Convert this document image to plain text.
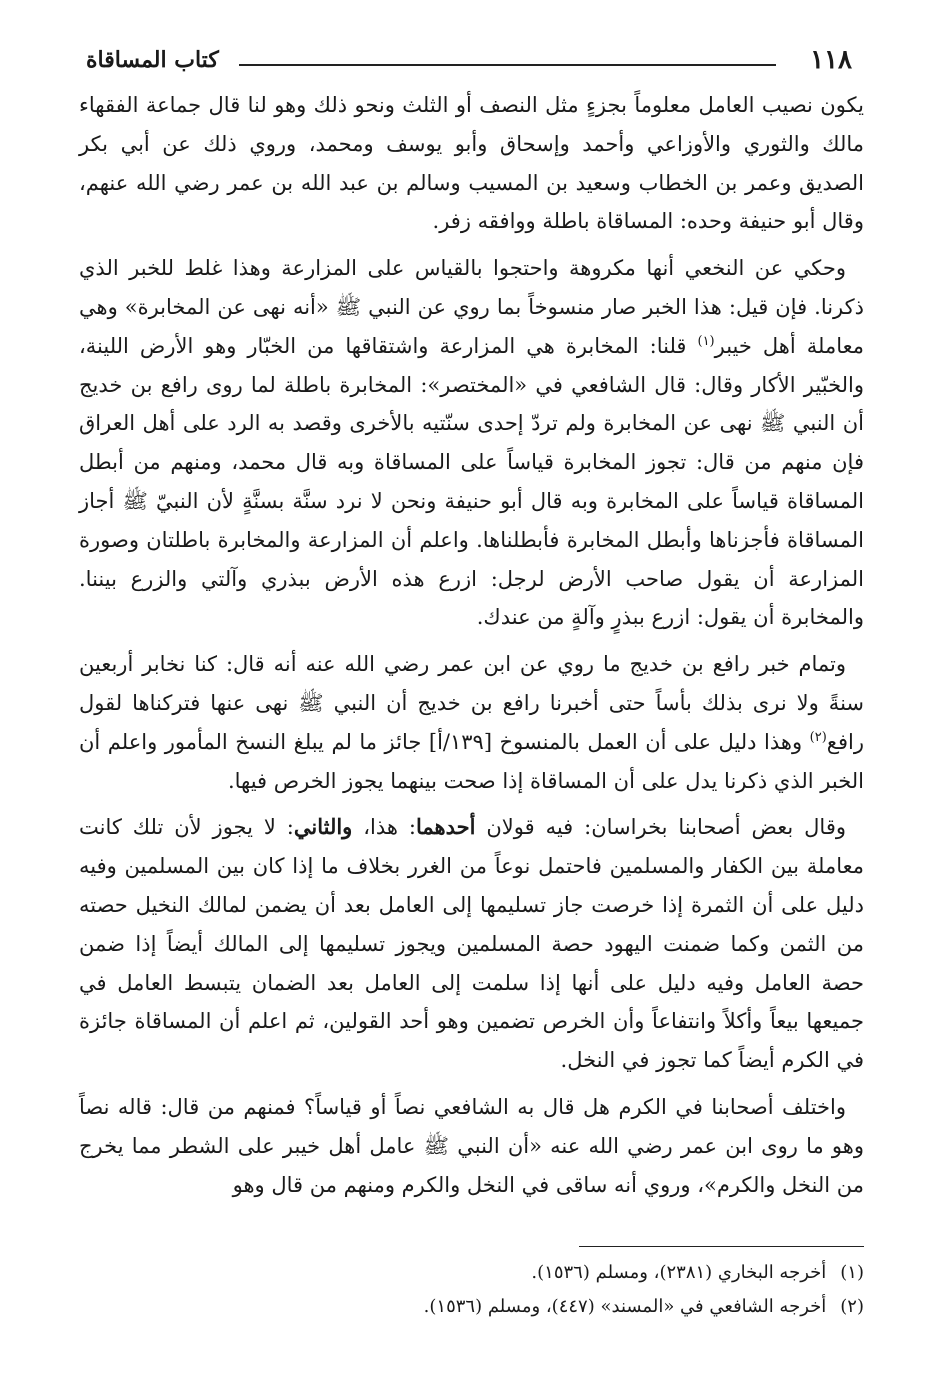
١١٨
كتاب المساقاة

يكون نصيب العامل معلوماً بجزءٍ مثل النصف أو الثلث ونحو ذلك وهو لنا قال جماعة الفقهاء مالك والثوري والأوزاعي وأحمد وإسحاق وأبو يوسف ومحمد، وروي ذلك عن أبي بكر الصديق وعمر بن الخطاب وسعيد بن المسيب وسالم بن عبد الله بن عمر رضي الله عنهم، وقال أبو حنيفة وحده: المساقاة باطلة ووافقه زفر.

وحكي عن النخعي أنها مكروهة واحتجوا بالقياس على المزارعة وهذا غلط للخبر الذي ذكرنا. فإن قيل: هذا الخبر صار منسوخاً بما روي عن النبي ﷺ «أنه نهى عن المخابرة» وهي معاملة أهل خيبر$^{(١)}$ قلنا: المخابرة هي المزارعة واشتقاقها من الخبّار وهو الأرض اللينة، والخبّير الأكار وقال: قال الشافعي في «المختصر»: المخابرة باطلة لما روى رافع بن خديج أن النبي ﷺ نهى عن المخابرة ولم تردّ إحدى سنّتيه بالأخرى وقصد به الرد على أهل العراق فإن منهم من قال: تجوز المخابرة قياساً على المساقاة وبه قال محمد، ومنهم من أبطل المساقاة قياساً على المخابرة وبه قال أبو حنيفة ونحن لا نرد سنَّة بسنَّةٍ لأن النبيّ ﷺ أجاز المساقاة فأجزناها وأبطل المخابرة فأبطلناها. واعلم أن المزارعة والمخابرة باطلتان وصورة المزارعة أن يقول صاحب الأرض لرجل: ازرع هذه الأرض ببذري وآلتي والزرع بيننا. والمخابرة أن يقول: ازرع ببذرٍ وآلةٍ من عندك.

وتمام خبر رافع بن خديج ما روي عن ابن عمر رضي الله عنه أنه قال: كنا نخابر أربعين سنةً ولا نرى بذلك بأساً حتى أخبرنا رافع بن خديج أن النبي ﷺ نهى عنها فتركناها لقول رافع$^{(٢)}$ وهذا دليل على أن العمل بالمنسوخ [١٣٩/أ] جائز ما لم يبلغ النسخ المأمور واعلم أن الخبر الذي ذكرنا يدل على أن المساقاة إذا صحت بينهما يجوز الخرص فيها.

وقال بعض أصحابنا بخراسان: فيه قولان أحدهما: هذا، والثاني: لا يجوز لأن تلك كانت معاملة بين الكفار والمسلمين فاحتمل نوعاً من الغرر بخلاف ما إذا كان بين المسلمين وفيه دليل على أن الثمرة إذا خرصت جاز تسليمها إلى العامل بعد أن يضمن لمالك النخيل حصته من الثمن وكما ضمنت اليهود حصة المسلمين ويجوز تسليمها إلى المالك أيضاً إذا ضمن حصة العامل وفيه دليل على أنها إذا سلمت إلى العامل بعد الضمان يتبسط العامل في جميعها بيعاً وأكلاً وانتفاعاً وأن الخرص تضمين وهو أحد القولين، ثم اعلم أن المساقاة جائزة في الكرم أيضاً كما تجوز في النخل.

واختلف أصحابنا في الكرم هل قال به الشافعي نصاً أو قياساً؟ فمنهم من قال: قاله نصاً وهو ما روى ابن عمر رضي الله عنه «أن النبي ﷺ عامل أهل خيبر على الشطر مما يخرج من النخل والكرم»، وروي أنه ساقى في النخل والكرم ومنهم من قال وهو

(١)
أخرجه البخاري (٢٣٨١)، ومسلم (١٥٣٦).

(٢)
أخرجه الشافعي في «المسند» (٤٤٧)، ومسلم (١٥٣٦).
